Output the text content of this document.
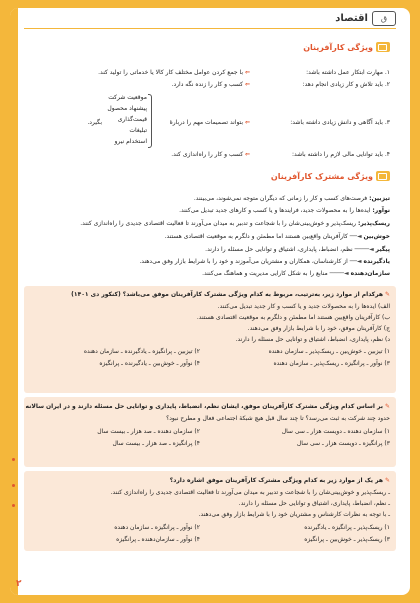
ق
اقتصاد
ویژگی کارآفرینان
۱. مهارت ابتکار عمل داشته باشد:
⇐ با جمع کردن عوامل مختلف کار کالا یا خدماتی را تولید کند.
۲. باید تلاش و کار زیادی انجام دهد:
⇐ کسب و کار را زنده نگه دارد.
موقعیت شرکت
پیشنهاد محصول
قیمت‌گذاری
تبلیغات
استخدام نیرو
بگیرد.	۳. باید آگاهی و دانش زیادی داشته باشد:
⇐ بتواند تصمیمات مهم را دربارهٔ
۴. باید توانایی مالی لازم را داشته باشد:
⇐ کسب و کار را راه‌اندازی کند.
ویژگی مشترک کارآفرینان
تیزبین: فرصت‌های کسب و کار را زمانی که دیگران متوجه نمی‌شوند، می‌بینند.
نوآور: ایده‌ها را به محصولات جدید، فرایندها و یا کسب و کارهای جدید تبدیل می‌کنند.
ریسک‌پذیر: ریسک‌پذیر و خوش‌بینی‌شان را با شجاعت و تدبیر به میدان می‌آورند تا فعالیت اقتصادی جدیدی را راه‌اندازی کنند.
خوش‌بین ◄── کارآفرینان واقع‌بین هستند اما مطمئن و دلگرم به موقعیت اقتصادی هستند.
پیگیر ◄──── نظم، انضباط، پایداری، اشتیاق و توانایی حل مسئله را دارند.
یادگیرنده ◄── از کارشناسان، همکاران و مشتریان می‌آموزند و خود را با شرایط بازار وفق می‌دهند.
سازمان‌دهنده ◄──── منابع را به شکل کارایی مدیریت و هماهنگ می‌کنند.
✎ هرکدام از موارد زیر، به‌ترتیب، مربوط به کدام ویژگی مشترک کارآفرینان موفق می‌باشد؟ (کنکور دی ۱۴۰۱)
الف) ایده‌ها را به محصولات جدید و یا کسب و کار جدید تبدیل می‌کنند.
ب) کارآفرینان واقع‌بین هستند اما مطمئن و دلگرم به موقعیت اقتصادی هستند.
ج) کارآفرینان موفق، خود را با شرایط بازار وفق می‌دهند.
د) نظم، پایداری، انضباط، اشتیاق و توانایی حل مسئله را دارند.
۱) تیزبین ـ خوش‌بین ـ ریسک‌پذیر ـ سازمان دهنده
۲) تیزبین ـ پرانگیزه ـ یادگیرنده ـ سازمان دهنده
۳) نوآور ـ پرانگیزه ـ ریسک‌پذیر ـ سازمان دهنده
۴) نوآور ـ خوش‌بین ـ یادگیرنده ـ پرانگیزه
✎ بر اساس کدام ویژگی مشترک کارآفرینان موفق، ایشان نظم، انضباط، پایداری و توانایی حل مسئله دارند و در ایران سالانه
حدود چند شرکت به ثبت می‌رسد؟ تا چند سال قبل هیچ شبکهٔ اجتماعی فعال و مطرح نبود؟
۱) سازمان دهنده ـ دویست هزار ـ سی سال
۲) سازمان دهنده ـ صد هزار ـ بیست سال
۳) پرانگیزه ـ دویست هزار ـ سی سال
۴) پرانگیزه ـ صد هزار ـ بیست سال
✎ هر یک از موارد زیر به کدام ویژگی مشترک کارآفرینان موفق اشاره دارد؟
ـ ریسک‌پذیر و خوش‌بینی‌شان را با شجاعت و تدبیر به میدان می‌آورند تا فعالیت اقتصادی جدیدی را راه‌اندازی کنند.
ـ نظم، انضباط، پایداری، اشتیاق و توانایی حل مسئله را دارند.
ـ با توجه به نظرات کارشناس و مشتریان خود را با شرایط بازار وفق می‌دهند.
۱) ریسک‌پذیر ـ پرانگیزه ـ یادگیرنده
۲) نوآور ـ پرانگیزه ـ سازمان دهنده
۳) ریسک‌پذیر ـ خوش‌بین ـ پرانگیزه
۴) نوآور ـ سازمان‌دهنده ـ پرانگیزه
۲
